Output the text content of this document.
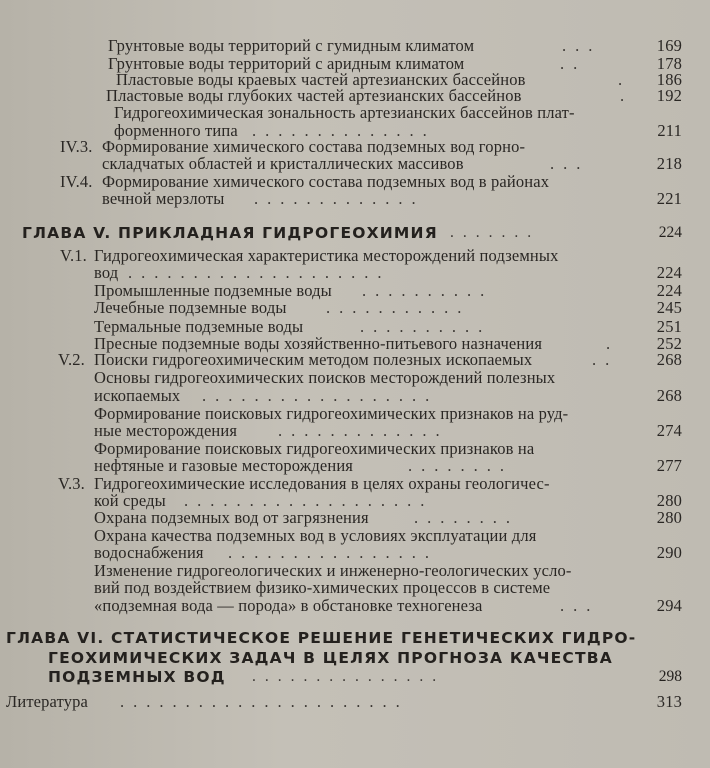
Грунтовые воды территорий с гумидным климатом	...	169
Грунтовые воды территорий с аридным климатом	..	178
Пластовые воды краевых частей артезианских бассейнов	.	186
Пластовые воды глубоких частей артезианских бассейнов	.	192
Гидрогеохимическая зональность артезианских бассейнов плат-
форменного типа ..............	211
IV.3. Формирование химического состава подземных вод горно-
складчатых областей и кристаллических массивов	...	218
IV.4. Формирование химического состава подземных вод в районах
вечной мерзлоты .............	221
ГЛАВА V. ПРИКЛАДНАЯ ГИДРОГЕОХИМИЯ .......	224
V.1. Гидрогеохимическая характеристика месторождений подземных
вод ....................	224
Промышленные подземные воды ..........	224
Лечебные подземные воды ...........	245
Термальные подземные воды	..........	251
Пресные подземные воды хозяйственно-питьевого назначения	.	252
V.2. Поиски гидрогеохимическим методом полезных ископаемых	..	268
Основы гидрогеохимических поисков месторождений полезных
ископаемых ..................	268
Формирование поисковых гидрогеохимических признаков на руд-
ные месторождения .............	274
Формирование поисковых гидрогеохимических признаков на
нефтяные и газовые месторождения	........	277
V.3. Гидрогеохимические исследования в целях охраны геологичес-
кой среды ...................	280
Охрана подземных вод от загрязнения	........	280
Охрана качества подземных вод в условиях эксплуатации для
водоснабжения ................	290
Изменение гидрогеологических и инженерно-геологических усло-
вий под воздействием физико-химических процессов в системе
«подземная вода — порода» в обстановке техногенеза	...	294
ГЛАВА VI. СТАТИСТИЧЕСКОЕ РЕШЕНИЕ ГЕНЕТИЧЕСКИХ ГИДРО-
ГЕОХИМИЧЕСКИХ ЗАДАЧ В ЦЕЛЯХ ПРОГНОЗА КАЧЕСТВА
ПОДЗЕМНЫХ ВОД ...............	298
Литература ......................	313
